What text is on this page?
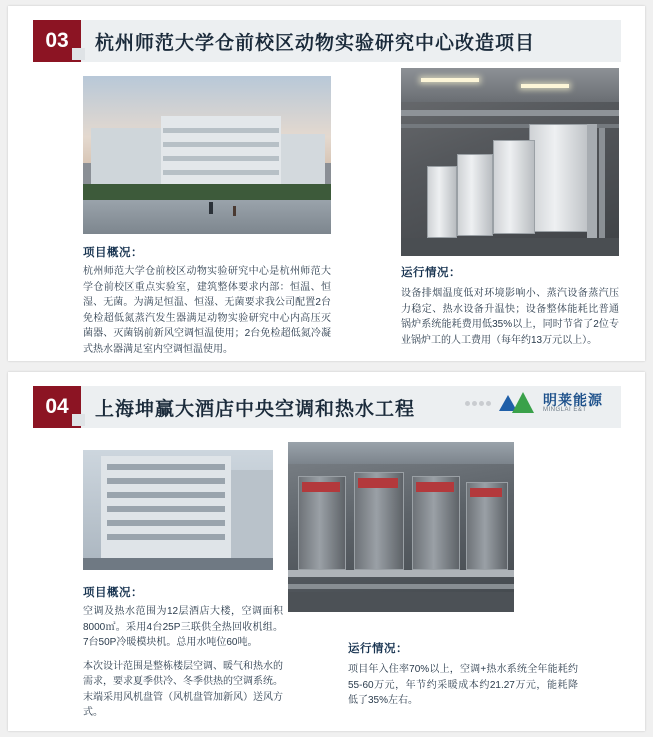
03	杭州师范大学仓前校区动物实验研究中心改造项目
项目概况：

杭州师范大学仓前校区动物实验研究中心是杭州师范大学仓前校区重点实验室，建筑整体要求内部：恒温、恒湿、无菌。为满足恒温、恒湿、无菌要求我公司配置2台免检超低氮蒸汽发生器满足动物实验研究中心内高压灭菌器、灭菌锅前新风空调恒温使用；2台免检超低氮冷凝式热水器满足室内空调恒温使用。

运行情况：

设备排烟温度低对环境影响小、蒸汽设备蒸汽压力稳定、热水设备升温快；设备整体能耗比普通锅炉系统能耗费用低35%以上，同时节省了2位专业锅炉工的人工费用（每年约13万元以上）。

04	上海坤赢大酒店中央空调和热水工程	明莱能源
MINGLAI E&T
项目概况：

空调及热水范围为12层酒店大楼，空调面积8000㎡。采用4台25P三联供全热回收机组。7台50P冷暖模块机。总用水吨位60吨。

本次设计范围是整栋楼层空调、暖气和热水的需求，要求夏季供冷、冬季供热的空调系统。末端采用风机盘管（风机盘管加新风）送风方式。

运行情况：

项目年入住率70%以上，空调+热水系统全年能耗约55-60万元，年节约采暖成本约21.27万元，能耗降低了35%左右。
